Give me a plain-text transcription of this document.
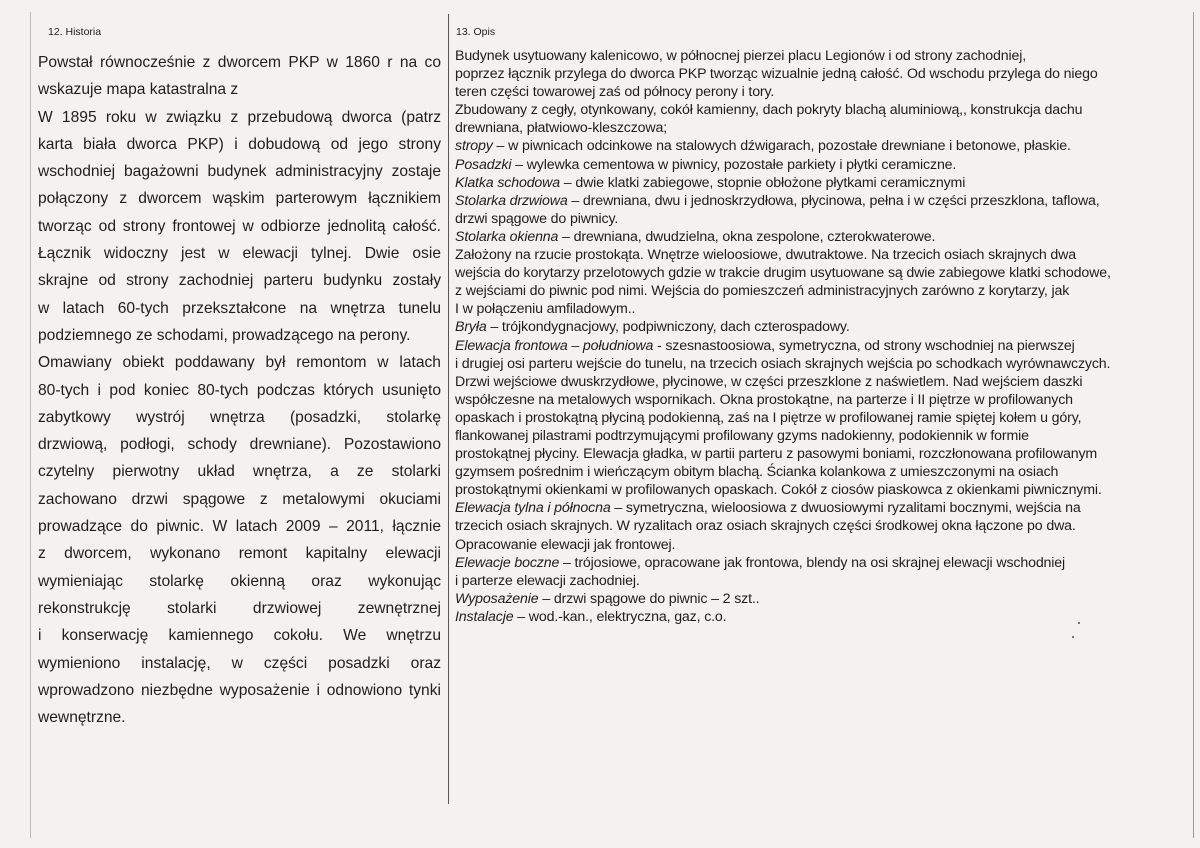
12. Historia	13. Opis
Powstał równocześnie z dworcem PKP w 1860 r na co
wskazuje mapa katastralna z
W 1895 roku w związku z przebudową dworca (patrz
karta biała dworca PKP) i dobudową od jego strony
wschodniej bagażowni budynek administracyjny zostaje
połączony z dworcem wąskim parterowym łącznikiem
tworząc od strony frontowej w odbiorze jednolitą całość.
Łącznik widoczny jest w elewacji tylnej. Dwie osie
skrajne od strony zachodniej parteru budynku zostały
w latach 60-tych przekształcone na wnętrza tunelu
podziemnego ze schodami, prowadzącego na perony.
Omawiany obiekt poddawany był remontom w latach
80-tych i pod koniec 80-tych podczas których usunięto
zabytkowy wystrój wnętrza (posadzki, stolarkę
drzwiową, podłogi, schody drewniane). Pozostawiono
czytelny pierwotny układ wnętrza, a ze stolarki
zachowano drzwi spągowe z metalowymi okuciami
prowadzące do piwnic. W latach 2009 – 2011, łącznie
z dworcem, wykonano remont kapitalny elewacji
wymieniając stolarkę okienną oraz wykonując
rekonstrukcję stolarki drzwiowej zewnętrznej
i konserwację kamiennego cokołu. We wnętrzu
wymieniono instalację, w części posadzki oraz
wprowadzono niezbędne wyposażenie i odnowiono tynki
wewnętrzne.
Budynek usytuowany kalenicowo, w północnej pierzei placu Legionów i od strony zachodniej,
poprzez łącznik przylega do dworca PKP tworząc wizualnie jedną całość. Od wschodu przylega do niego
teren części towarowej zaś od północy perony i tory.
Zbudowany z cegły, otynkowany, cokół kamienny, dach pokryty blachą aluminiową,, konstrukcja dachu
drewniana, płatwiowo-kleszczowa;
stropy – w piwnicach odcinkowe na stalowych dźwigarach, pozostałe drewniane i betonowe, płaskie.
Posadzki – wylewka cementowa w piwnicy, pozostałe parkiety i płytki ceramiczne.
Klatka schodowa – dwie klatki zabiegowe, stopnie obłożone płytkami ceramicznymi
Stolarka drzwiowa – drewniana, dwu i jednoskrzydłowa, płycinowa, pełna i w części przeszklona, taflowa,
drzwi spągowe do piwnicy.
Stolarka okienna – drewniana, dwudzielna, okna zespolone, czterokwaterowe.
Założony na rzucie prostokąta. Wnętrze wieloosiowe, dwutraktowe. Na trzecich osiach skrajnych dwa
wejścia do korytarzy przelotowych gdzie w trakcie drugim usytuowane są dwie zabiegowe klatki schodowe,
z wejściami do piwnic pod nimi. Wejścia do pomieszczeń administracyjnych zarówno z korytarzy, jak
I w połączeniu amfiladowym..
Bryła – trójkondygnacjowy, podpiwniczony, dach czterospadowy.
Elewacja frontowa – południowa - szesnastoosiowa, symetryczna, od strony wschodniej na pierwszej
i drugiej osi parteru wejście do tunelu, na trzecich osiach skrajnych wejścia po schodkach wyrównawczych.
Drzwi wejściowe dwuskrzydłowe, płycinowe, w części przeszklone z naświetlem. Nad wejściem daszki
współczesne na metalowych wspornikach. Okna prostokątne, na parterze i II piętrze w profilowanych
opaskach i prostokątną płyciną podokienną, zaś na I piętrze w profilowanej ramie spiętej kołem u góry,
flankowanej pilastrami podtrzymującymi profilowany gzyms nadokienny, podokiennik w formie
prostokątnej płyciny. Elewacja gładka, w partii parteru z pasowymi boniami, rozczłonowana profilowanym
gzymsem pośrednim i wieńczącym obitym blachą. Ścianka kolankowa z umieszczonymi na osiach
prostokątnymi okienkami w profilowanych opaskach. Cokół z ciosów piaskowca z okienkami piwnicznymi.
Elewacja tylna i północna – symetryczna, wieloosiowa z dwuosiowymi ryzalitami bocznymi, wejścia na
trzecich osiach skrajnych. W ryzalitach oraz osiach skrajnych części środkowej okna łączone po dwa.
Opracowanie elewacji jak frontowej.
Elewacje boczne – trójosiowe, opracowane jak frontowa, blendy na osi skrajnej elewacji wschodniej
i parterze elewacji zachodniej.
Wyposażenie – drzwi spągowe do piwnic – 2 szt..
Instalacje – wod.-kan., elektryczna, gaz, c.o.
